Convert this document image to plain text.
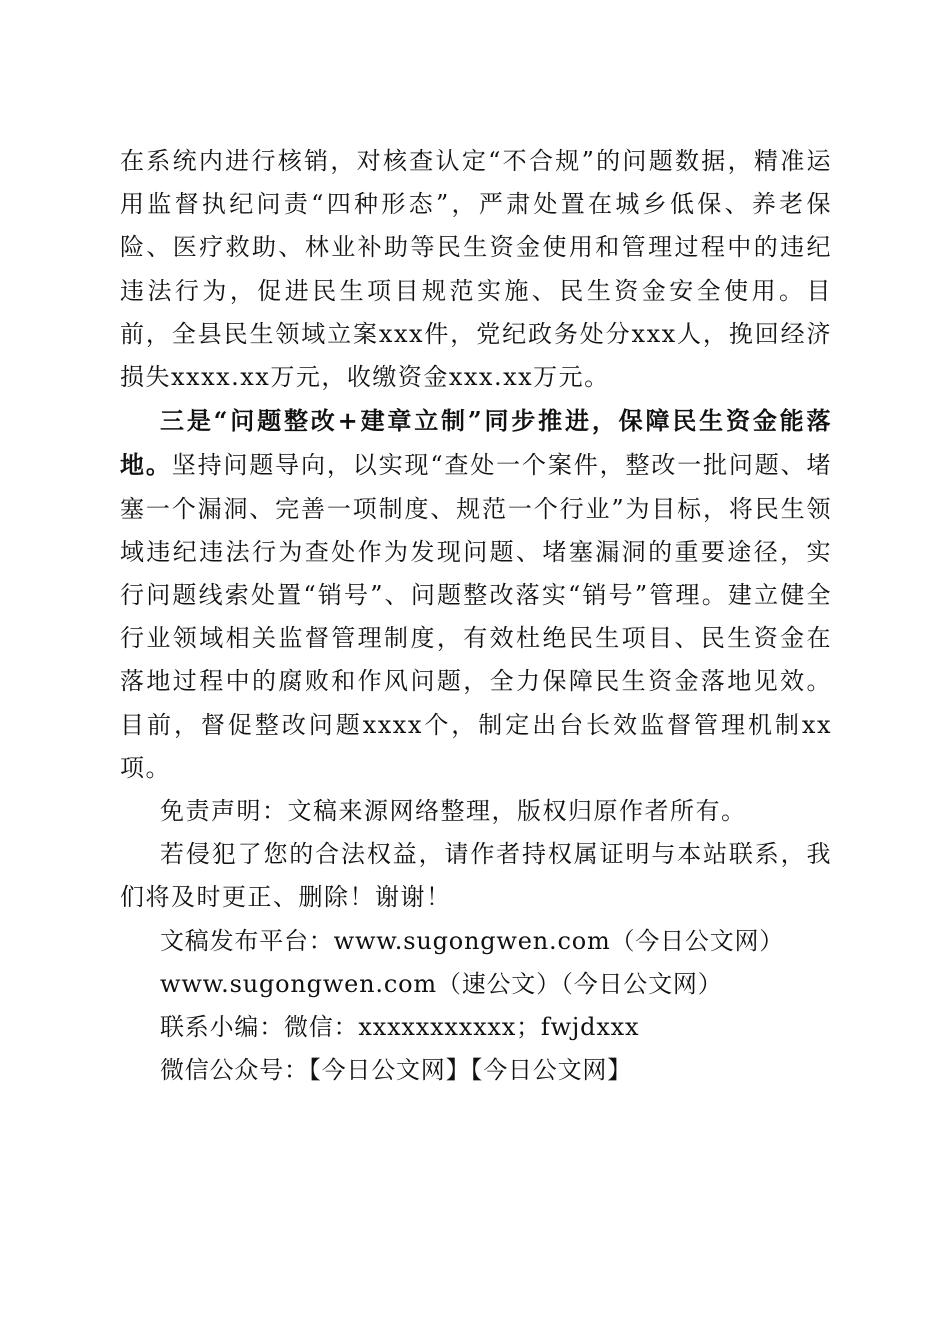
在系统内进行核销，对核查认定“不合规”的问题数据，精准运用监督执纪问责“四种形态”，严肃处置在城乡低保、养老保险、医疗救助、林业补助等民生资金使用和管理过程中的违纪违法行为，促进民生项目规范实施、民生资金安全使用。目前，全县民生领域立案xxx件，党纪政务处分xxx人，挽回经济损失xxxx.xx万元，收缴资金xxx.xx万元。

三是“问题整改+建章立制”同步推进，保障民生资金能落地。坚持问题导向，以实现“查处一个案件，整改一批问题、堵塞一个漏洞、完善一项制度、规范一个行业”为目标，将民生领域违纪违法行为查处作为发现问题、堵塞漏洞的重要途径，实行问题线索处置“销号”、问题整改落实“销号”管理。建立健全行业领域相关监督管理制度，有效杜绝民生项目、民生资金在落地过程中的腐败和作风问题，全力保障民生资金落地见效。目前，督促整改问题xxxx个，制定出台长效监督管理机制xx项。

免责声明：文稿来源网络整理，版权归原作者所有。

若侵犯了您的合法权益，请作者持权属证明与本站联系，我们将及时更正、删除！谢谢！

文稿发布平台：www.sugongwen.com（今日公文网）

www.sugongwen.com（速公文）（今日公文网）

联系小编：微信：xxxxxxxxxxx；fwjdxxx

微信公众号：【今日公文网】【今日公文网】
